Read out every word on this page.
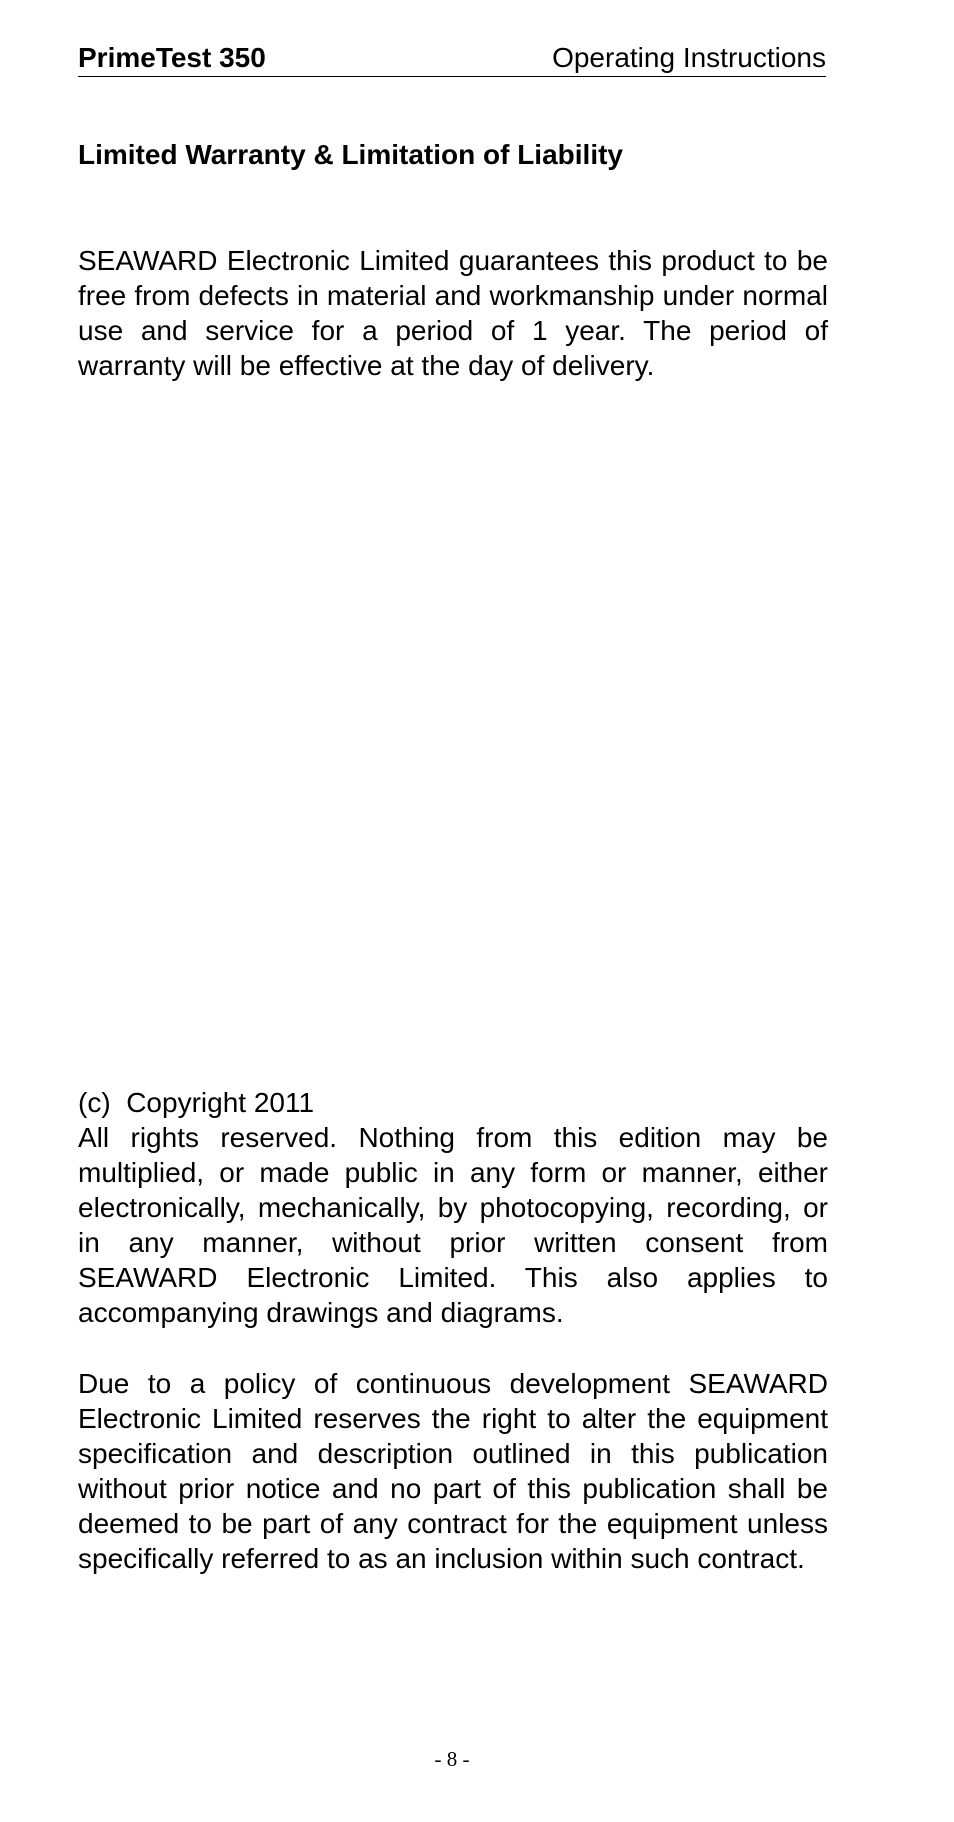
PrimeTest 350	Operating Instructions
Limited Warranty & Limitation of Liability

SEAWARD Electronic Limited guarantees this product to be free from defects in material and workmanship under normal use and service for a period of 1 year. The period of warranty will be effective at the day of delivery.

(c)  Copyright 2011

All rights reserved. Nothing from this edition may be multiplied, or made public in any form or manner, either electronically, mechanically, by photocopying, recording, or in any manner, without prior written consent from SEAWARD Electronic Limited. This also applies to accompanying drawings and diagrams.

Due to a policy of continuous development SEAWARD Electronic Limited reserves the right to alter the equipment specification and description outlined in this publication without prior notice and no part of this publication shall be deemed to be part of any contract for the equipment unless specifically referred to as an inclusion within such contract.

- 8 -
